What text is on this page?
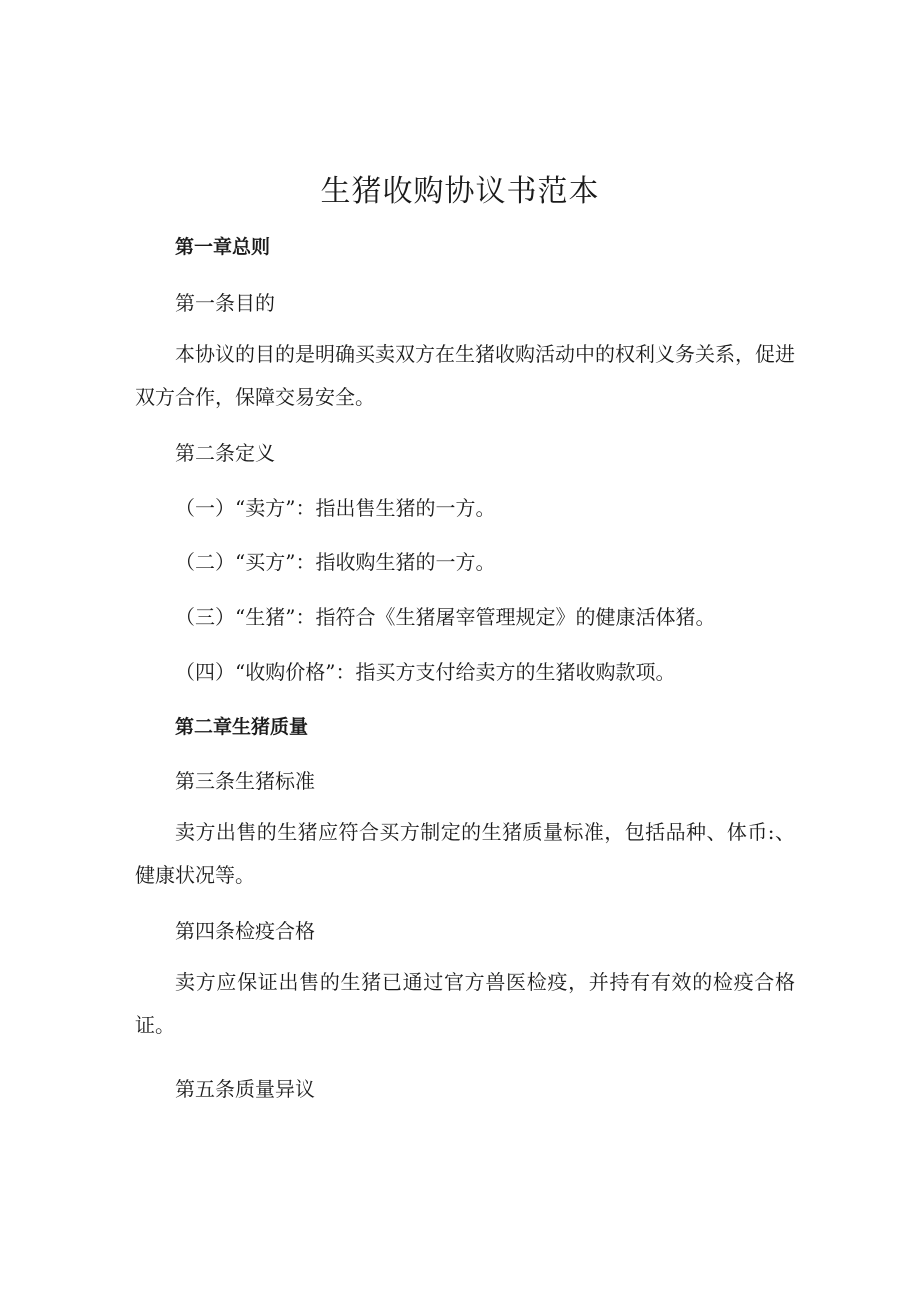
生猪收购协议书范本
第一章总则
第一条目的
本协议的目的是明确买卖双方在生猪收购活动中的权利义务关系，促进双方合作，保障交易安全。
第二条定义
（一）“卖方”：指出售生猪的一方。
（二）“买方”：指收购生猪的一方。
（三）“生猪”：指符合《生猪屠宰管理规定》的健康活体猪。
（四）“收购价格”：指买方支付给卖方的生猪收购款项。
第二章生猪质量
第三条生猪标准
卖方出售的生猪应符合买方制定的生猪质量标准，包括品种、体币:、健康状况等。
第四条检疫合格
卖方应保证出售的生猪已通过官方兽医检疫，并持有有效的检疫合格证。
第五条质量异议
